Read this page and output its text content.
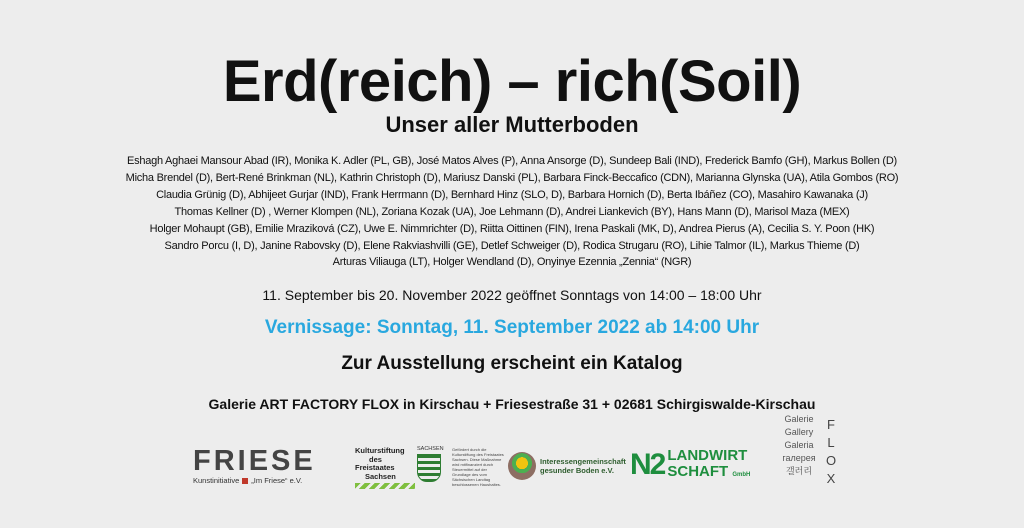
Erd(reich) – rich(Soil)
Unser aller Mutterboden
Eshagh Aghaei Mansour Abad (IR), Monika K. Adler (PL, GB), José Matos Alves (P), Anna Ansorge (D), Sundeep Bali (IND), Frederick Bamfo (GH), Markus Bollen (D)
Micha Brendel (D), Bert-René Brinkman (NL), Kathrin Christoph (D), Mariusz Danski (PL), Barbara Finck-Beccafico (CDN), Marianna Glynska (UA), Atila Gombos (RO)
Claudia Grünig (D), Abhijeet Gurjar (IND), Frank Herrmann (D), Bernhard Hinz (SLO, D), Barbara Hornich (D), Berta Ibáñez (CO), Masahiro Kawanaka (J)
Thomas Kellner (D) , Werner Klompen (NL), Zoriana Kozak (UA), Joe Lehmann (D), Andrei Liankevich (BY), Hans Mann (D), Marisol Maza (MEX)
Holger Mohaupt (GB), Emilie Mraziková (CZ), Uwe E. Nimmrichter (D), Riitta Oittinen (FIN), Irena Paskali (MK, D), Andrea Pierus (A), Cecilia S. Y. Poon (HK)
Sandro Porcu (I, D), Janine Rabovsky (D), Elene Rakviashvilli (GE), Detlef Schweiger (D), Rodica Strugaru (RO), Lihie Talmor (IL), Markus Thieme (D)
Arturas Viliauga (LT), Holger Wendland (D), Onyinye Ezennia „Zennia“ (NGR)
11. September bis 20. November 2022 geöffnet Sonntags von 14:00 – 18:00 Uhr
Vernissage: Sonntag, 11. September 2022 ab 14:00 Uhr
Zur Ausstellung erscheint ein Katalog
Galerie ART FACTORY FLOX in Kirschau + Friesestraße 31 + 02681 Schirgiswalde-Kirschau
FRIESE
Kunstinitiative „Im Friese“ e.V.
Kulturstiftung
des
Freistaates
Sachsen
SACHSEN	Gefördert durch die Kulturstiftung des Freistaates Sachsen. Diese Maßnahme wird mitfinanziert durch Steuermittel auf der Grundlage des vom Sächsischen Landtag beschlossenen Haushaltes.
Interessengemeinschaft
gesunder Boden e.V. N2 LANDWIRT
SCHAFT GmbH
Galerie
Gallery
Galeria
галерея
갤러리
F
L
O
X
